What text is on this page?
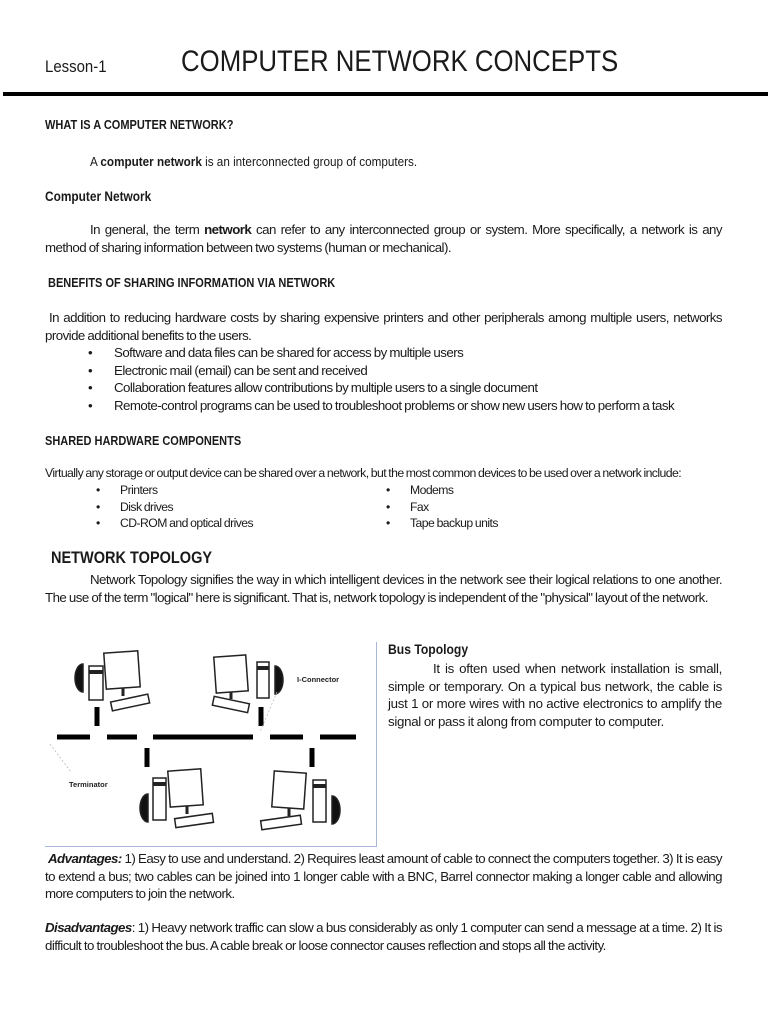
Lesson-1 COMPUTER NETWORK CONCEPTS
WHAT IS A COMPUTER NETWORK?
A computer network is an interconnected group of computers.
Computer Network
In general, the term network can refer to any interconnected group or system. More specifically, a network is any method of sharing information between two systems (human or mechanical).
BENEFITS OF SHARING INFORMATION VIA NETWORK
In addition to reducing hardware costs by sharing expensive printers and other peripherals among multiple users, networks provide additional benefits to the users.
• Software and data files can be shared for access by multiple users
• Electronic mail (email) can be sent and received
• Collaboration features allow contributions by multiple users to a single document
• Remote-control programs can be used to troubleshoot problems or show new users how to perform a task
SHARED HARDWARE COMPONENTS
Virtually any storage or output device can be shared over a network, but the most common devices to be used over a network include:
• Printers
• Disk drives
• CD-ROM and optical drives
• Modems
• Fax
• Tape backup units
NETWORK TOPOLOGY
Network Topology signifies the way in which intelligent devices in the network see their logical relations to one another. The use of the term "logical" here is significant. That is, network topology is independent of the "physical" layout of the network.
I-Connector
Terminator
Bus Topology
It is often used when network installation is small, simple or temporary. On a typical bus network, the cable is just 1 or more wires with no active electronics to amplify the signal or pass it along from computer to computer.
Advantages: 1) Easy to use and understand. 2) Requires least amount of cable to connect the computers together. 3) It is easy to extend a bus; two cables can be joined into 1 longer cable with a BNC, Barrel connector making a longer cable and allowing more computers to join the network.
Disadvantages: 1) Heavy network traffic can slow a bus considerably as only 1 computer can send a message at a time. 2) It is difficult to troubleshoot the bus. A cable break or loose connector causes reflection and stops all the activity.
